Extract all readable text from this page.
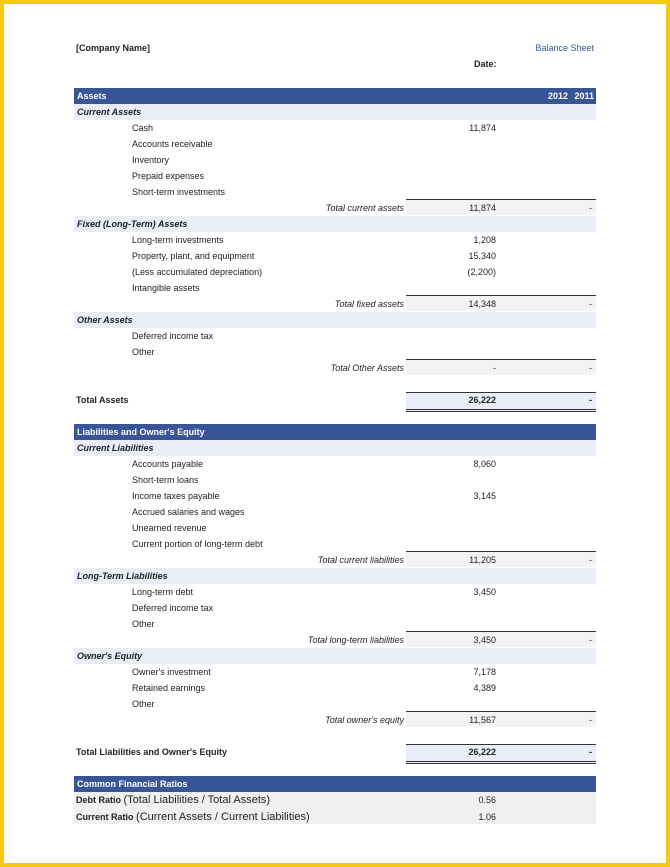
[Company Name]	Balance Sheet
Date:
Assets	2012 2011
Current Assets
Cash	11,874
Accounts receivable
Inventory
Prepaid expenses
Short-term investments
Total current assets	11,874	-
Fixed (Long-Term) Assets
Long-term investments	1,208
Property, plant, and equipment	15,340
(Less accumulated depreciation)	(2,200)
Intangible assets
Total fixed assets	14,348	-
Other Assets
Deferred income tax
Other
Total Other Assets	-	-
Total Assets	26,222	-
Liabilities and Owner's Equity
Current Liabilities
Accounts payable	8,060
Short-term loans
Income taxes payable	3,145
Accrued salaries and wages
Unearned revenue
Current portion of long-term debt
Total current liabilities	11,205	-
Long-Term Liabilities
Long-term debt	3,450
Deferred income tax
Other
Total long-term liabilities	3,450	-
Owner's Equity
Owner's investment	7,178
Retained earnings	4,389
Other
Total owner's equity	11,567	-
Total Liabilities and Owner's Equity	26,222	-
Common Financial Ratios
Debt Ratio (Total Liabilities / Total Assets)	0.56
Current Ratio (Current Assets / Current Liabilities)	1.06
